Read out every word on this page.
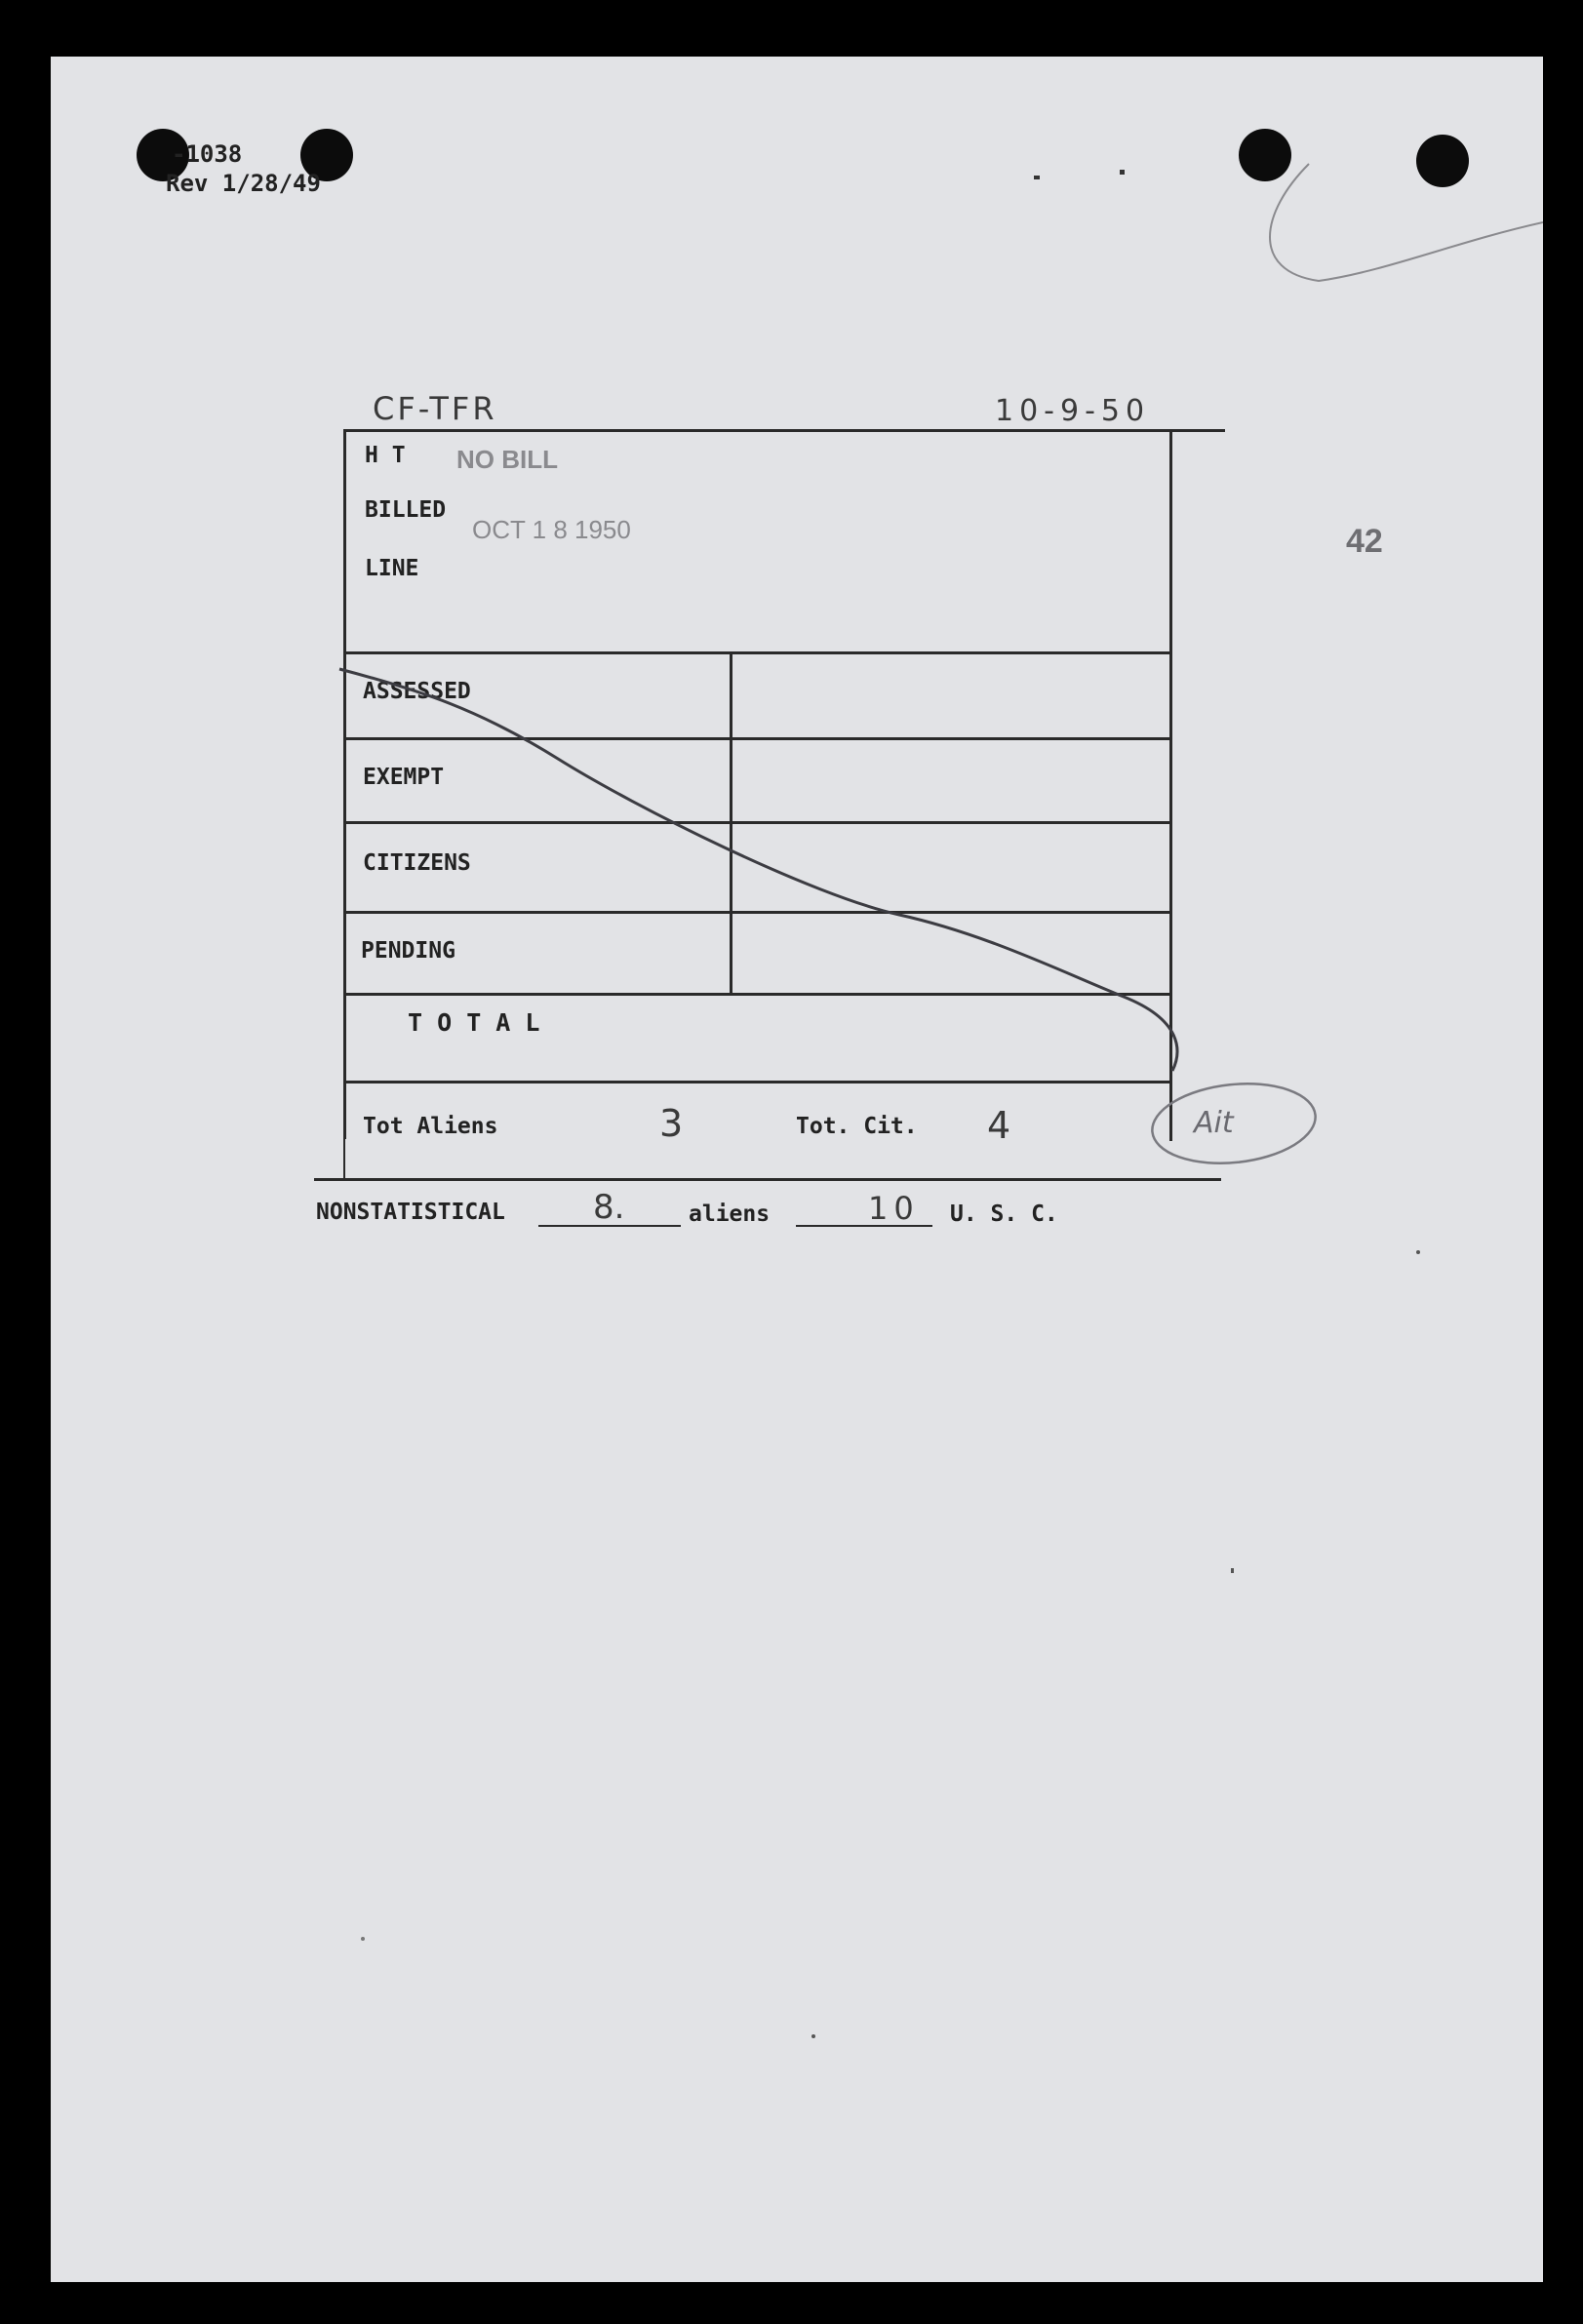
-1038
Rev 1/28/49
CF-TFR	10-9-50
42
H T NO BILL
BILLED
OCT 1 8 1950
LINE
ASSESSED
EXEMPT
CITIZENS
PENDING
T O T A L
Tot Aliens	3	Tot. Cit. 4	Ait
NONSTATISTICAL	8.	aliens	10 U. S. C.
